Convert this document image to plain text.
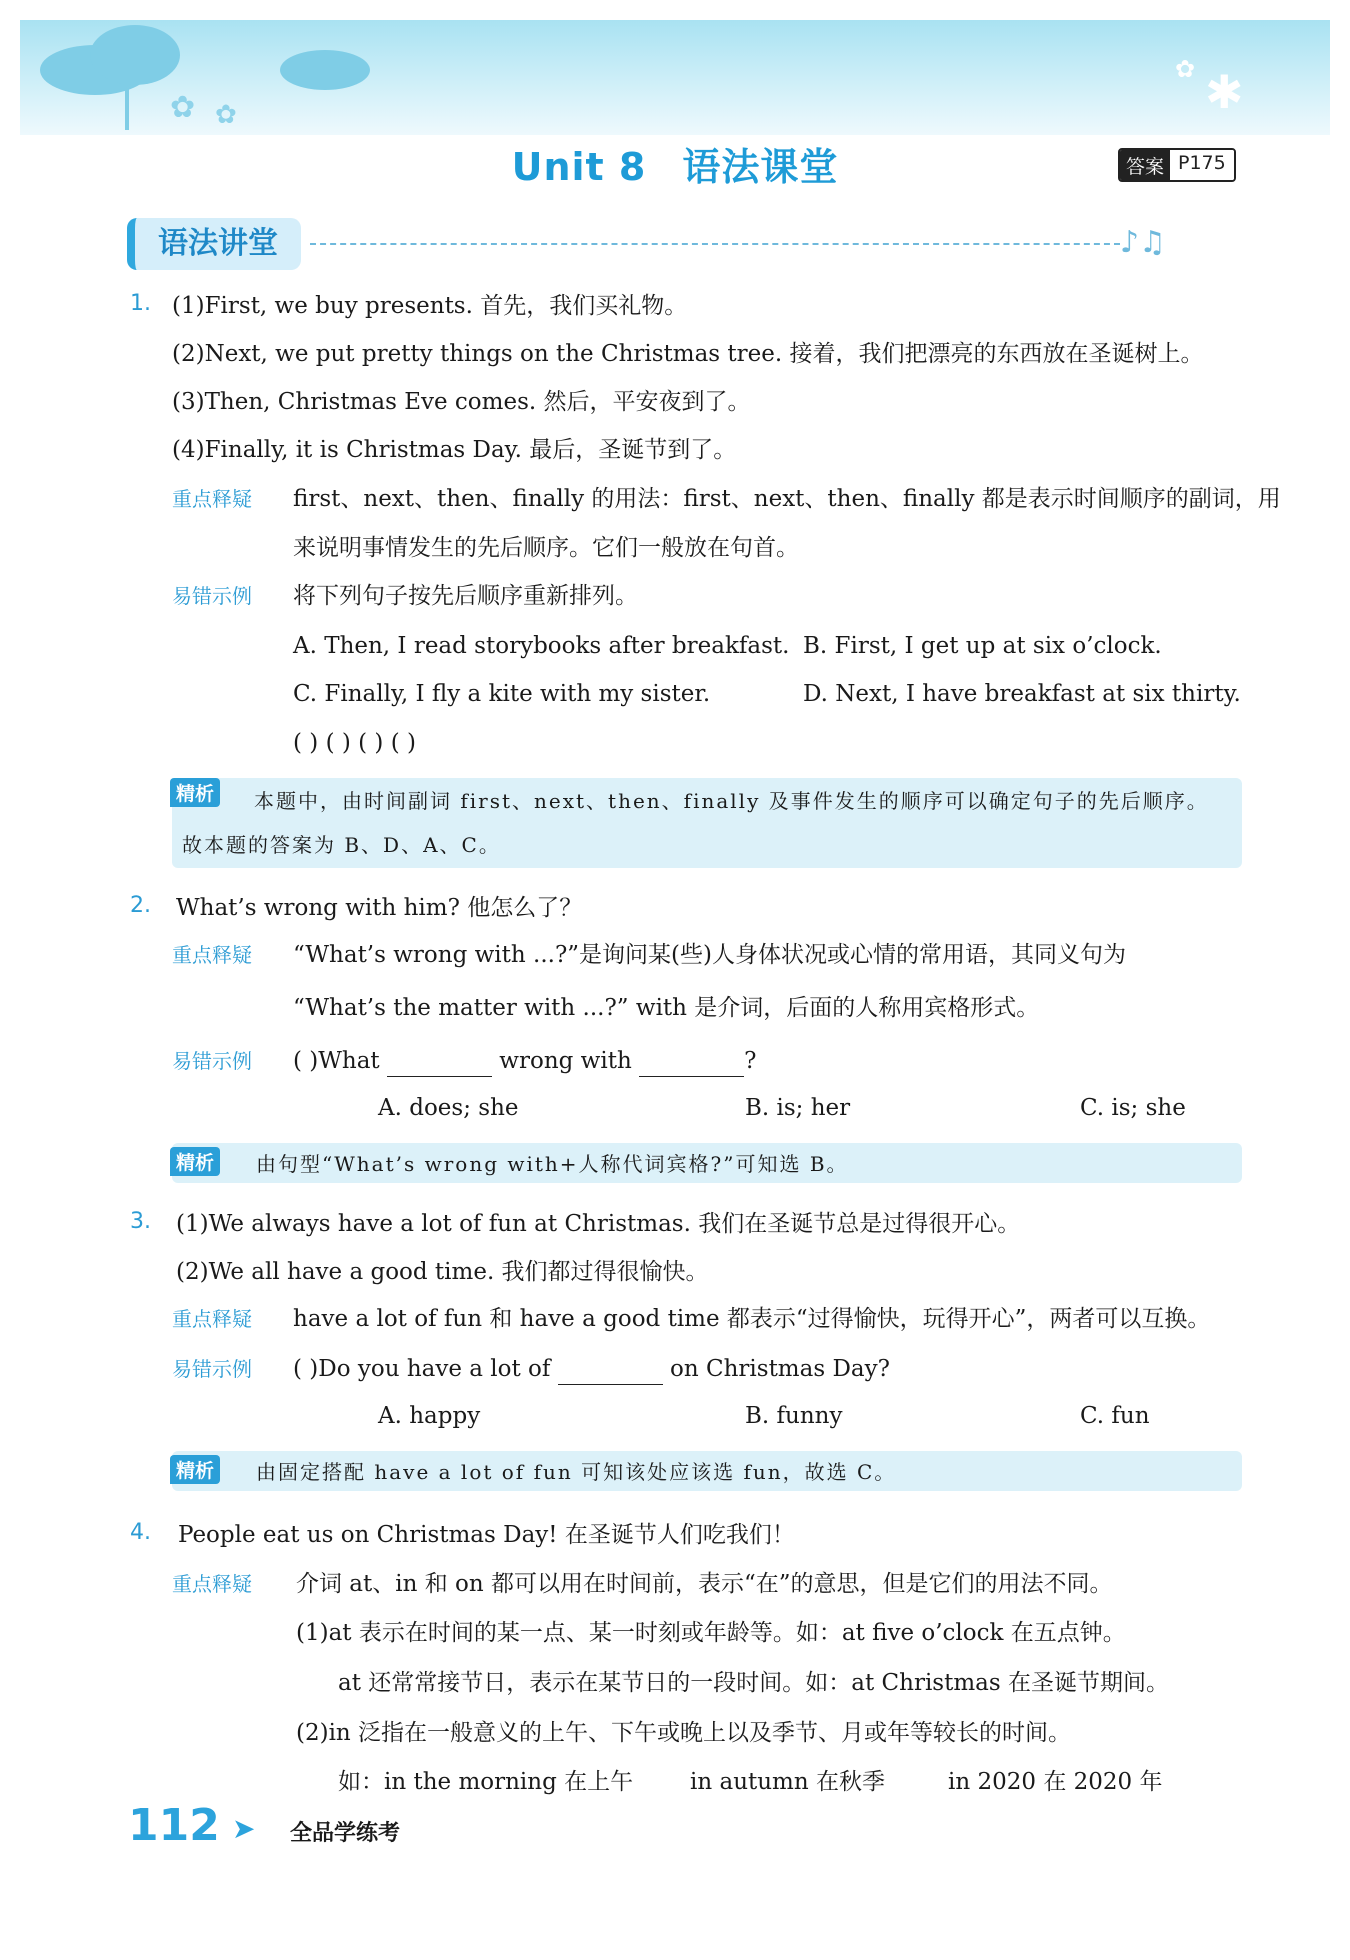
✿ ✿
✿ ✱
Unit 8 语法课堂	答案 P175
语法讲堂	♪♫
1. (1)First, we buy presents. 首先，我们买礼物。
(2)Next, we put pretty things on the Christmas tree. 接着，我们把漂亮的东西放在圣诞树上。
(3)Then, Christmas Eve comes. 然后，平安夜到了。
(4)Finally, it is Christmas Day. 最后，圣诞节到了。
重点释疑 first、next、then、finally 的用法：first、next、then、finally 都是表示时间顺序的副词，用
来说明事情发生的先后顺序。它们一般放在句首。
易错示例 将下列句子按先后顺序重新排列。
A. Then, I read storybooks after breakfast. B. First, I get up at six o’clock.
C. Finally, I fly a kite with my sister.	D. Next, I have breakfast at six thirty.
( ) ( ) ( ) ( )
精析	本题中，由时间副词 first、next、then、finally 及事件发生的顺序可以确定句子的先后顺序。
故本题的答案为 B、D、A、C。
2. What’s wrong with him? 他怎么了？
重点释疑 “What’s wrong with ...?”是询问某(些)人身体状况或心情的常用语，其同义句为
“What’s the matter with ...?” with 是介词，后面的人称用宾格形式。
易错示例 ( )What	wrong with	?
A. does; she	B. is; her	C. is; she
精析	由句型“What’s wrong with+人称代词宾格?”可知选 B。
3. (1)We always have a lot of fun at Christmas. 我们在圣诞节总是过得很开心。
(2)We all have a good time. 我们都过得很愉快。
重点释疑 have a lot of fun 和 have a good time 都表示“过得愉快，玩得开心”，两者可以互换。
易错示例 ( )Do you have a lot of	on Christmas Day?
A. happy	B. funny	C. fun
精析	由固定搭配 have a lot of fun 可知该处应该选 fun，故选 C。
4. People eat us on Christmas Day! 在圣诞节人们吃我们！
重点释疑 介词 at、in 和 on 都可以用在时间前，表示“在”的意思，但是它们的用法不同。
(1)at 表示在时间的某一点、某一时刻或年龄等。如：at five o’clock 在五点钟。
at 还常常接节日，表示在某节日的一段时间。如：at Christmas 在圣诞节期间。
(2)in 泛指在一般意义的上午、下午或晚上以及季节、月或年等较长的时间。
如：in the morning 在上午 in autumn 在秋季	in 2020 在 2020 年
112 ➤ 全品学练考
